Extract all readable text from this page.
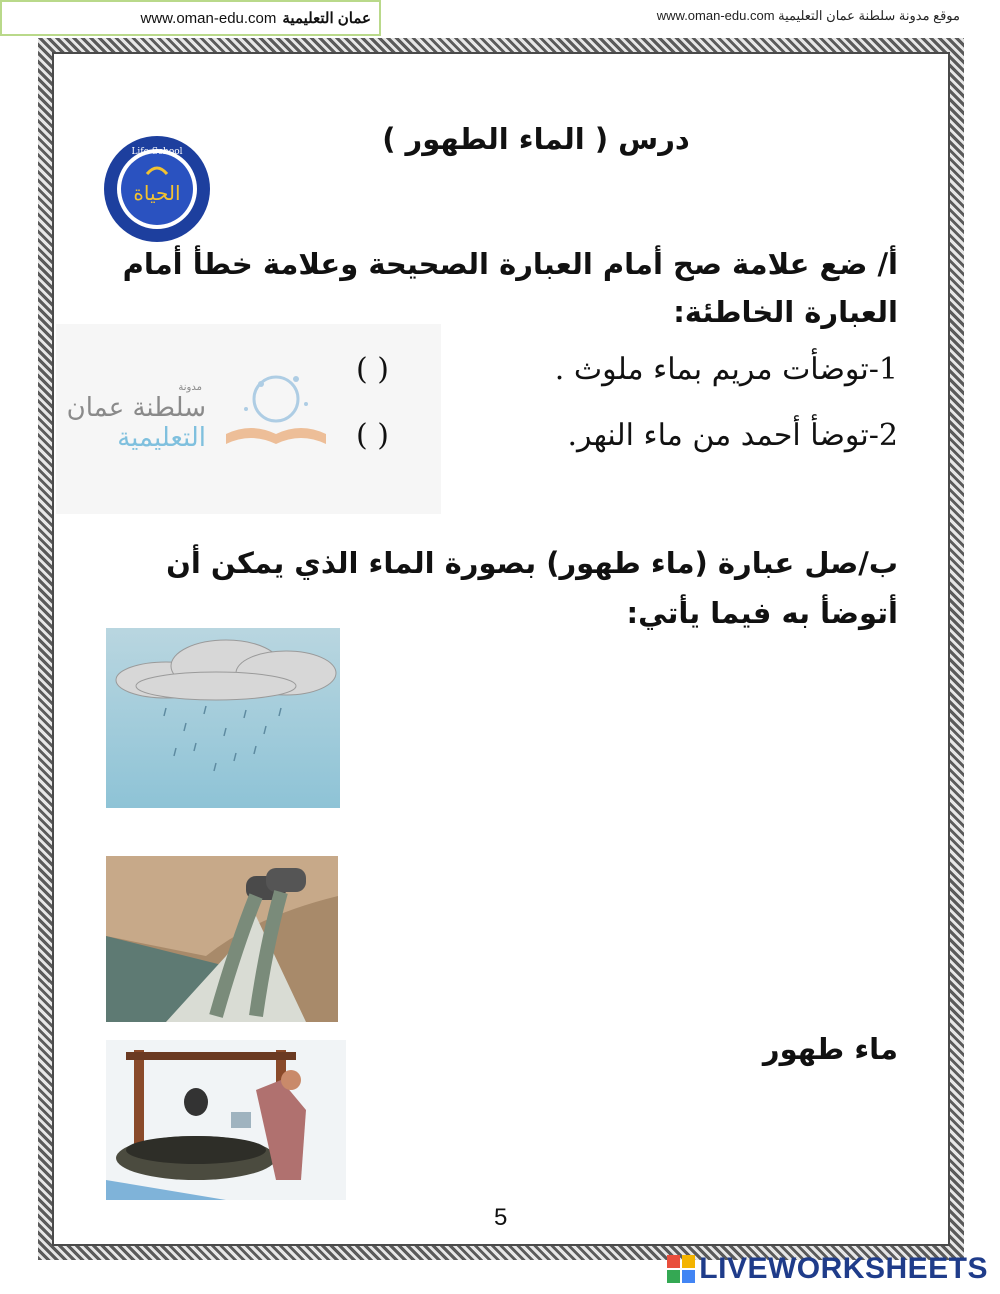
www.oman-edu.com عمان التعليمية	موقع مدونة سلطنة عمان التعليمية www.oman-edu.com
درس ( الماء الطهور )
Life School
الحياة
سلطنة عمان
التعليمية
مدونة
أ/ ضع علامة صح أمام العبارة الصحيحة وعلامة خطأ أمام العبارة الخاطئة:
1-توضأت مريم بماء ملوث .
( )
2-توضأ أحمد من ماء النهر.
( )
ب/صل عبارة (ماء طهور) بصورة الماء الذي يمكن أن أتوضأ به فيما يأتي:
ماء طهور
5
LIVEWORKSHEETS
